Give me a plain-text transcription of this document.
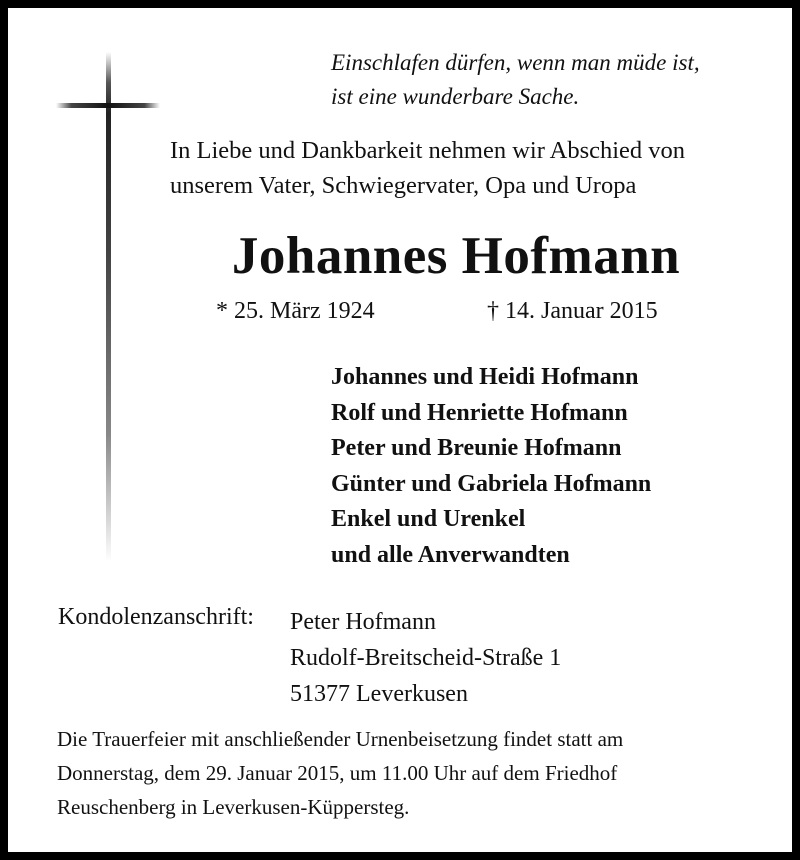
Einschlafen dürfen, wenn man müde ist,
ist eine wunderbare Sache.
In Liebe und Dankbarkeit nehmen wir Abschied von
unserem Vater, Schwiegervater, Opa und Uropa
Johannes Hofmann
* 25. März 1924	† 14. Januar 2015
Johannes und Heidi Hofmann
Rolf und Henriette Hofmann
Peter und Breunie Hofmann
Günter und Gabriela Hofmann
Enkel und Urenkel
und alle Anverwandten
Kondolenzanschrift: Peter Hofmann
Rudolf-Breitscheid-Straße 1
51377 Leverkusen
Die Trauerfeier mit anschließender Urnenbeisetzung findet statt am
Donnerstag, dem 29. Januar 2015, um 11.00 Uhr auf dem Friedhof
Reuschenberg in Leverkusen-Küppersteg.
